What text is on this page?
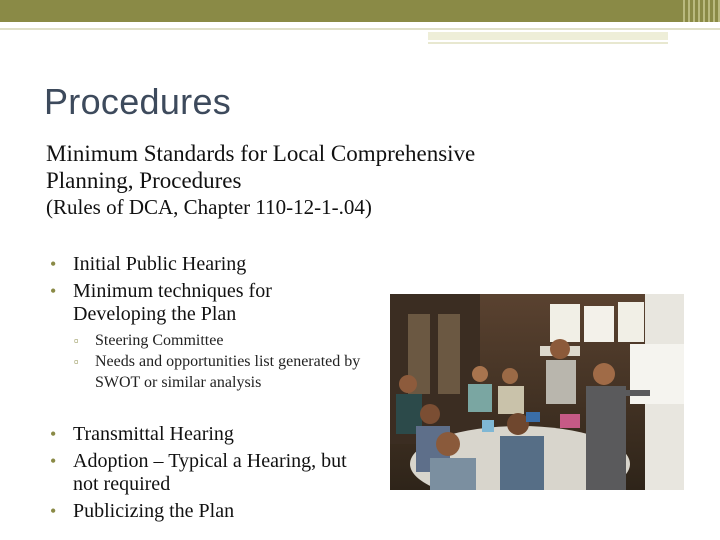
Procedures
Minimum Standards for Local Comprehensive
Planning, Procedures
(Rules of DCA, Chapter 110-12-1-.04)
• Initial Public Hearing
• Minimum techniques for Developing the Plan
▫ Steering Committee
▫ Needs and opportunities list generated by SWOT or similar analysis
• Transmittal Hearing
• Adoption – Typical a Hearing, but not required
• Publicizing the Plan
